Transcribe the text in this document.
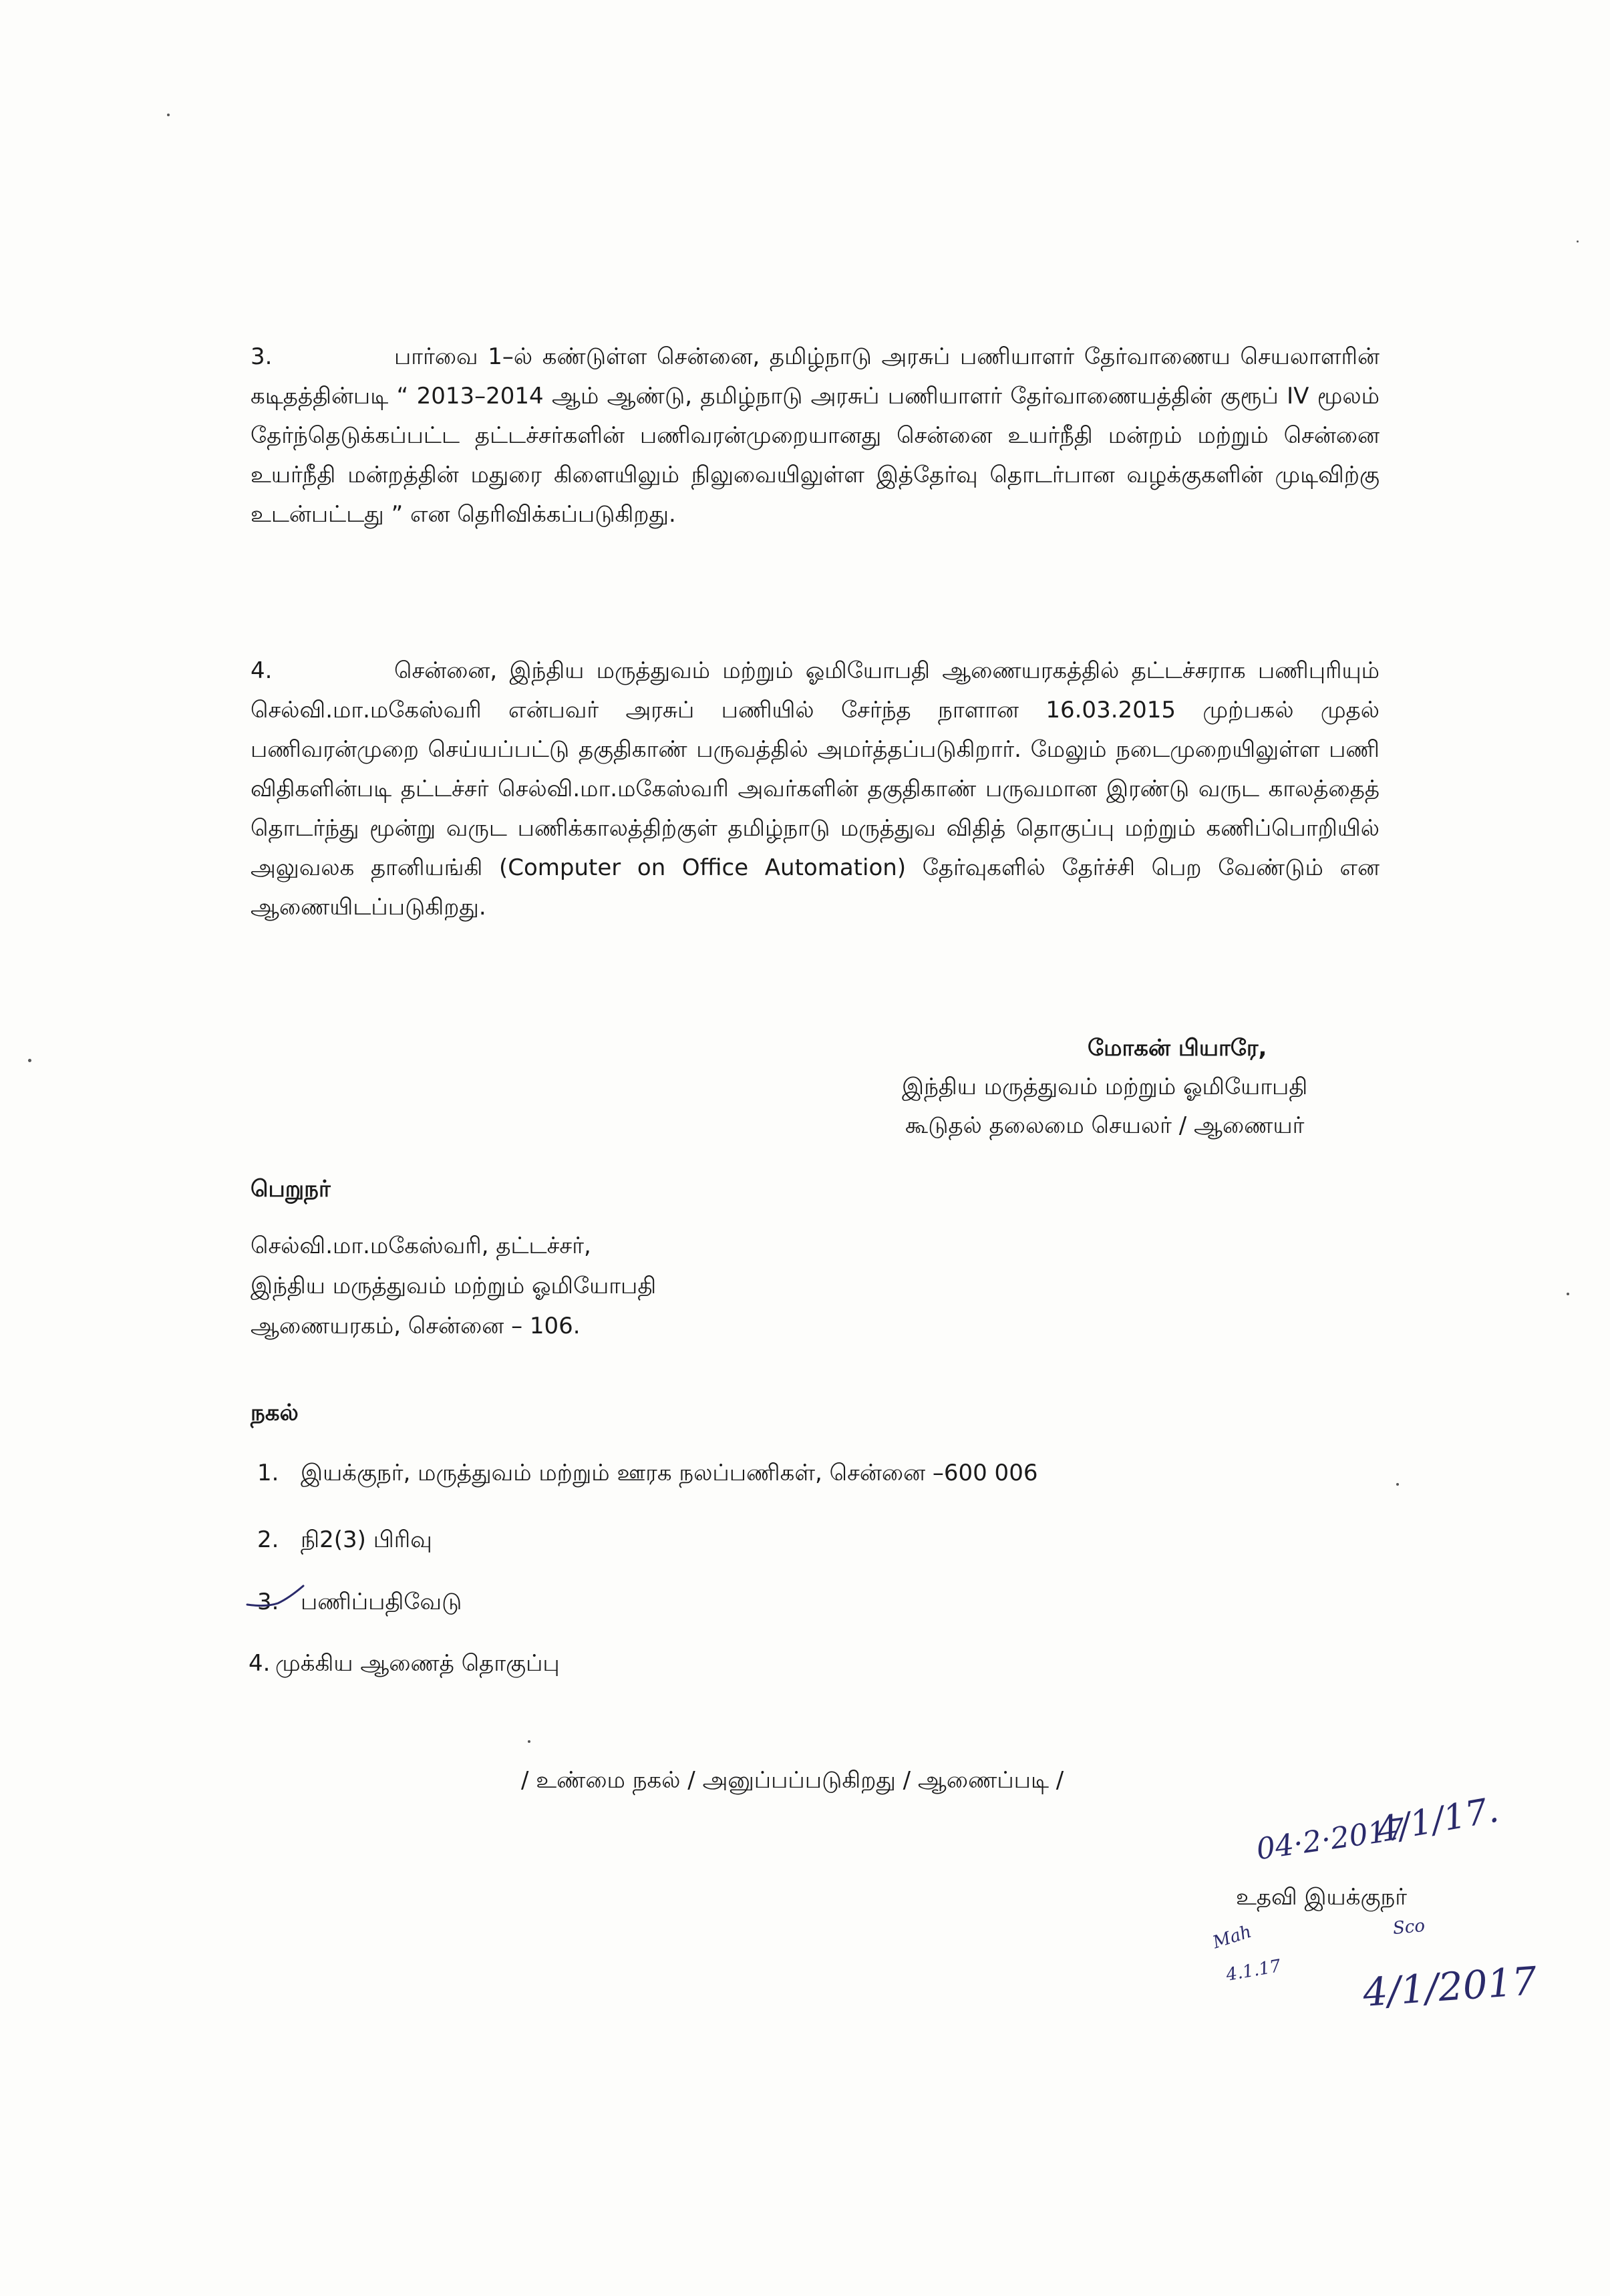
3.	பார்வை 1–ல் கண்டுள்ள சென்னை, தமிழ்நாடு அரசுப் பணியாளர் தேர்வாணைய செயலாளரின் கடிதத்தின்படி “ 2013–2014 ஆம் ஆண்டு, தமிழ்நாடு அரசுப் பணியாளர் தேர்வாணையத்தின் குரூப் IV மூலம் தேர்ந்தெடுக்கப்பட்ட தட்டச்சர்களின் பணிவரன்முறையானது சென்னை உயர்நீதி மன்றம் மற்றும் சென்னை உயர்நீதி மன்றத்தின் மதுரை கிளையிலும் நிலுவையிலுள்ள இத்தேர்வு தொடர்பான வழக்குகளின் முடிவிற்கு உடன்பட்டது ” என தெரிவிக்கப்படுகிறது.
4.	சென்னை, இந்திய மருத்துவம் மற்றும் ஓமியோபதி ஆணையரகத்தில் தட்டச்சராக பணிபுரியும் செல்வி.மா.மகேஸ்வரி என்பவர் அரசுப் பணியில் சேர்ந்த நாளான 16.03.2015 முற்பகல் முதல் பணிவரன்முறை செய்யப்பட்டு தகுதிகாண் பருவத்தில் அமர்த்தப்படுகிறார். மேலும் நடைமுறையிலுள்ள பணி விதிகளின்படி தட்டச்சர் செல்வி.மா.மகேஸ்வரி அவர்களின் தகுதிகாண் பருவமான இரண்டு வருட காலத்தைத் தொடர்ந்து மூன்று வருட பணிக்காலத்திற்குள் தமிழ்நாடு மருத்துவ விதித் தொகுப்பு மற்றும் கணிப்பொறியில் அலுவலக தானியங்கி (Computer on Office Automation) தேர்வுகளில் தேர்ச்சி பெற வேண்டும் என ஆணையிடப்படுகிறது.
மோகன் பியாரே,
இந்திய மருத்துவம் மற்றும் ஓமியோபதி
கூடுதல் தலைமை செயலர் / ஆணையர்
பெறுநர்
செல்வி.மா.மகேஸ்வரி, தட்டச்சர்,
இந்திய மருத்துவம் மற்றும் ஓமியோபதி
ஆணையரகம், சென்னை – 106.
நகல்
1. இயக்குநர், மருத்துவம் மற்றும் ஊரக நலப்பணிகள், சென்னை –600 006
2. நி2(3) பிரிவு
3. பணிப்பதிவேடு
4. முக்கிய ஆணைத் தொகுப்பு
/ உண்மை நகல் / அனுப்பப்படுகிறது / ஆணைப்படி /
உதவி இயக்குநர்
04·2·2017
4/1/17.
Mah
4.1.17
Sco
4/1/2017
